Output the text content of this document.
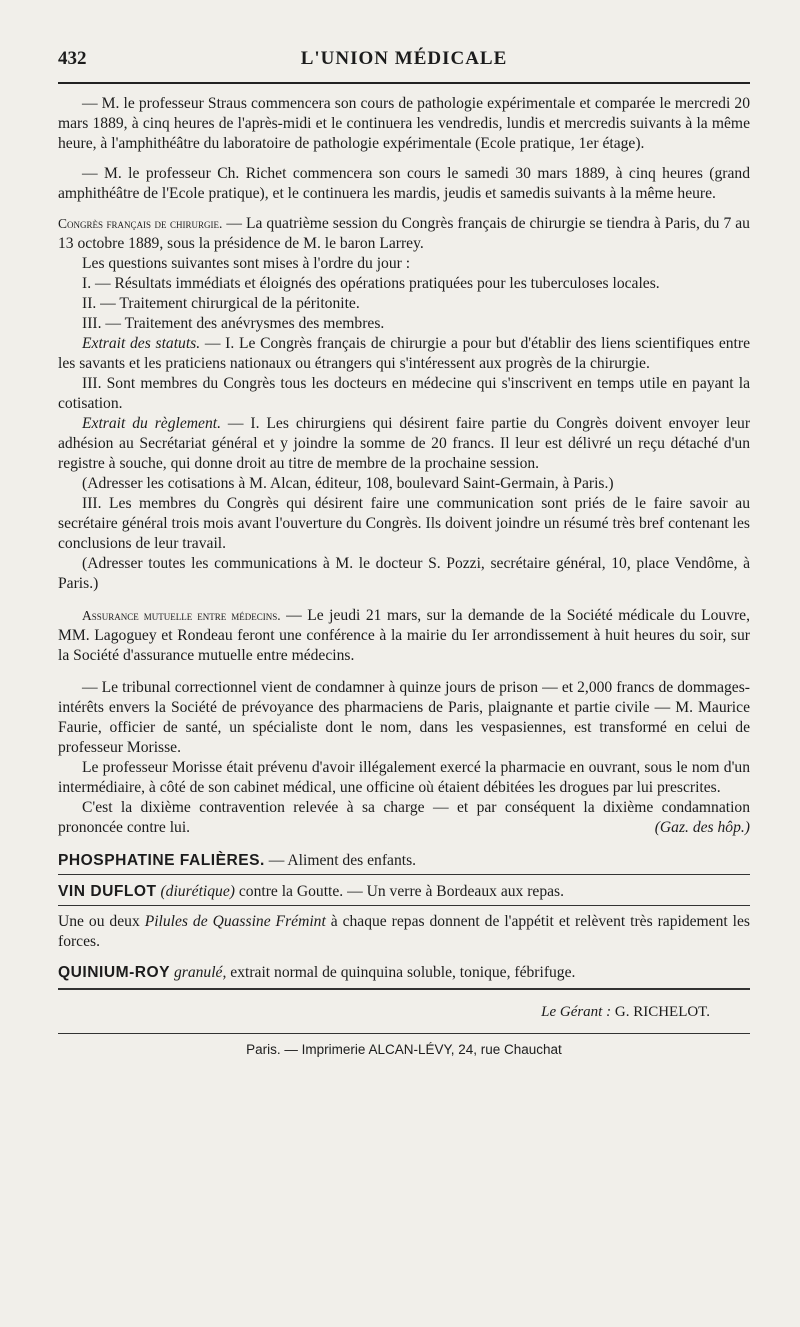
432	L'UNION MÉDICALE

— M. le professeur Straus commencera son cours de pathologie expérimentale et comparée le mercredi 20 mars 1889, à cinq heures de l'après-midi et le continuera les vendredis, lundis et mercredis suivants à la même heure, à l'amphithéâtre du laboratoire de pathologie expérimentale (Ecole pratique, 1er étage).

— M. le professeur Ch. Richet commencera son cours le samedi 30 mars 1889, à cinq heures (grand amphithéâtre de l'Ecole pratique), et le continuera les mardis, jeudis et samedis suivants à la même heure.

Congrès français de chirurgie. — La quatrième session du Congrès français de chirurgie se tiendra à Paris, du 7 au 13 octobre 1889, sous la présidence de M. le baron Larrey.

Les questions suivantes sont mises à l'ordre du jour :

I. — Résultats immédiats et éloignés des opérations pratiquées pour les tuberculoses locales.

II. — Traitement chirurgical de la péritonite.

III. — Traitement des anévrysmes des membres.

Extrait des statuts. — I. Le Congrès français de chirurgie a pour but d'établir des liens scientifiques entre les savants et les praticiens nationaux ou étrangers qui s'intéressent aux progrès de la chirurgie.

III. Sont membres du Congrès tous les docteurs en médecine qui s'inscrivent en temps utile en payant la cotisation.

Extrait du règlement. — I. Les chirurgiens qui désirent faire partie du Congrès doivent envoyer leur adhésion au Secrétariat général et y joindre la somme de 20 francs. Il leur est délivré un reçu détaché d'un registre à souche, qui donne droit au titre de membre de la prochaine session.

(Adresser les cotisations à M. Alcan, éditeur, 108, boulevard Saint-Germain, à Paris.)

III. Les membres du Congrès qui désirent faire une communication sont priés de le faire savoir au secrétaire général trois mois avant l'ouverture du Congrès. Ils doivent joindre un résumé très bref contenant les conclusions de leur travail.

(Adresser toutes les communications à M. le docteur S. Pozzi, secrétaire général, 10, place Vendôme, à Paris.)

Assurance mutuelle entre médecins. — Le jeudi 21 mars, sur la demande de la Société médicale du Louvre, MM. Lagoguey et Rondeau feront une conférence à la mairie du Ier arrondissement à huit heures du soir, sur la Société d'assurance mutuelle entre médecins.

— Le tribunal correctionnel vient de condamner à quinze jours de prison — et 2,000 francs de dommages-intérêts envers la Société de prévoyance des pharmaciens de Paris, plaignante et partie civile — M. Maurice Faurie, officier de santé, un spécialiste dont le nom, dans les vespasiennes, est transformé en celui de professeur Morisse.

Le professeur Morisse était prévenu d'avoir illégalement exercé la pharmacie en ouvrant, sous le nom d'un intermédiaire, à côté de son cabinet médical, une officine où étaient débitées les drogues par lui prescrites.

C'est la dixième contravention relevée à sa charge — et par conséquent la dixième condamnation prononcée contre lui.	(Gaz. des hôp.)

PHOSPHATINE FALIÈRES. — Aliment des enfants.

VIN DUFLOT (diurétique) contre la Goutte. — Un verre à Bordeaux aux repas.

Une ou deux Pilules de Quassine Frémint à chaque repas donnent de l'appétit et relèvent très rapidement les forces.

QUINIUM-ROY granulé, extrait normal de quinquina soluble, tonique, fébrifuge.

Le Gérant : G. RICHELOT.
Paris. — Imprimerie ALCAN-LÉVY, 24, rue Chauchat
